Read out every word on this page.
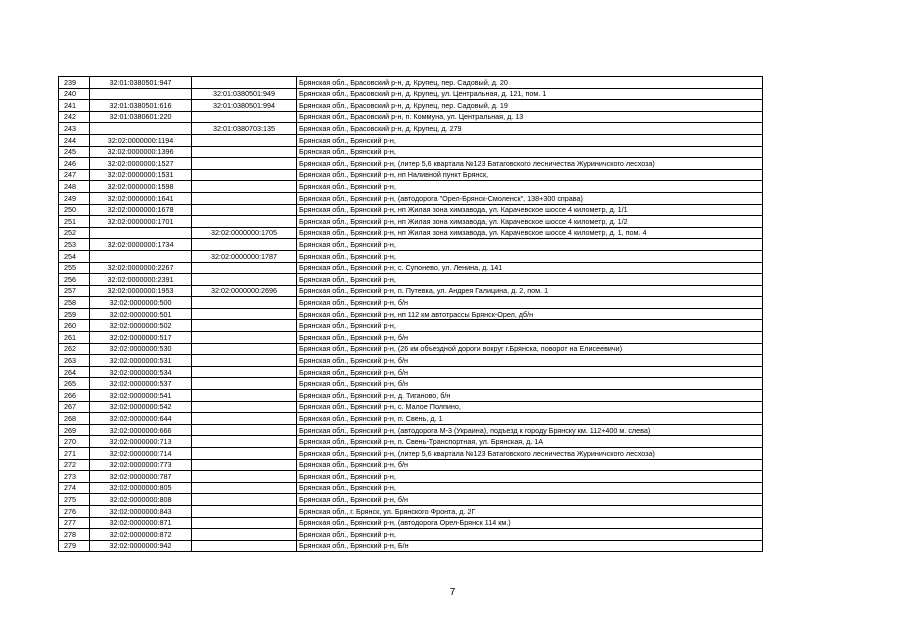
239	32:01:0380501:947		Брянская обл., Брасовский р-н, д. Крупец, пер. Садовый, д. 20
240		32:01:0380501:949	Брянская обл., Брасовский р-н, д. Крупец, ул. Центральная, д. 121, пом. 1
241	32:01:0380501:616	32:01:0380501:994	Брянская обл., Брасовский р-н, д. Крупец, пер. Садовый, д. 19
242	32:01:0380601:220		Брянская обл., Брасовский р-н, п. Коммуна, ул. Центральная, д. 13
243		32:01:0380703:135	Брянская обл., Брасовский р-н, д. Крупец, д. 279
244	32:02:0000000:1194		Брянская обл., Брянский р-н,
245	32:02:0000000:1396		Брянская обл., Брянский р-н,
246	32:02:0000000:1527		Брянская обл., Брянский р-н, (литер 5,6 квартала №123 Батаговского лесничества Журиничского лесхоза)
247	32:02:0000000:1531		Брянская обл., Брянский р-н, нп Наливной пункт Брянск,
248	32:02:0000000:1598		Брянская обл., Брянский р-н,
249	32:02:0000000:1641		Брянская обл., Брянский р-н, (автодорога "Орел-Брянск-Смоленск", 138+300 справа)
250	32:02:0000000:1678		Брянская обл., Брянский р-н, нп Жилая зона химзавода, ул. Карачевское шоссе 4 километр, д. 1/1
251	32:02:0000000:1701		Брянская обл., Брянский р-н, нп Жилая зона химзавода, ул. Карачевское шоссе 4 километр, д. 1/2
252		32:02:0000000:1705	Брянская обл., Брянский р-н, нп Жилая зона химзавода, ул. Карачевское шоссе 4 километр, д. 1, пом. 4
253	32:02:0000000:1734		Брянская обл., Брянский р-н,
254		32:02:0000000:1787	Брянская обл., Брянский р-н,
255	32:02:0000000:2267		Брянская обл., Брянский р-н, с. Супонево, ул. Ленина, д. 141
256	32:02:0000000:2391		Брянская обл., Брянский р-н,
257	32:02:0000000:1953	32:02:0000000:2696	Брянская обл., Брянский р-н, п. Путевка, ул. Андрея Галицина, д. 2, пом. 1
258	32:02:0000000:500		Брянская обл., Брянский р-н, б/н
259	32:02:0000000:501		Брянская обл., Брянский р-н, нп 112 км автотрассы Брянск-Орел, дб/н
260	32:02:0000000:502		Брянская обл., Брянский р-н,
261	32:02:0000000:517		Брянская обл., Брянский р-н, б/н
262	32:02:0000000:530		Брянская обл., Брянский р-н, (26 км объездной дороги вокруг г.Брянска, поворот на Елисеевичи)
263	32:02:0000000:531		Брянская обл., Брянский р-н, б/н
264	32:02:0000000:534		Брянская обл., Брянский р-н, б/н
265	32:02:0000000:537		Брянская обл., Брянский р-н, б/н
266	32:02:0000000:541		Брянская обл., Брянский р-н, д. Тиганово, б/н
267	32:02:0000000:542		Брянская обл., Брянский р-н, с. Малое Полпино,
268	32:02:0000000:644		Брянская обл., Брянский р-н, п. Свень, д. 1
269	32:02:0000000:666		Брянская обл., Брянский р-н, (автодорога М-3 (Украина), подъезд к городу Брянску км. 112+400 м. слева)
270	32:02:0000000:713		Брянская обл., Брянский р-н, п. Свень-Транспортная, ул. Брянская, д. 1А
271	32:02:0000000:714		Брянская обл., Брянский р-н, (литер 5,6 квартала №123 Батаговского лесничества Журиничского лесхоза)
272	32:02:0000000:773		Брянская обл., Брянский р-н, б/н
273	32:02:0000000:787		Брянская обл., Брянский р-н,
274	32:02:0000000:805		Брянская обл., Брянский р-н,
275	32:02:0000000:808		Брянская обл., Брянский р-н, б/н
276	32:02:0000000:843		Брянская обл., г. Брянск, ул. Брянского Фронта, д. 2Г
277	32:02:0000000:871		Брянская обл., Брянский р-н, (автодорога Орел-Брянск 114 км.)
278	32:02:0000000:872		Брянская обл., Брянский р-н,
279	32:02:0000000:942		Брянская обл., Брянский р-н, Б/н
7
